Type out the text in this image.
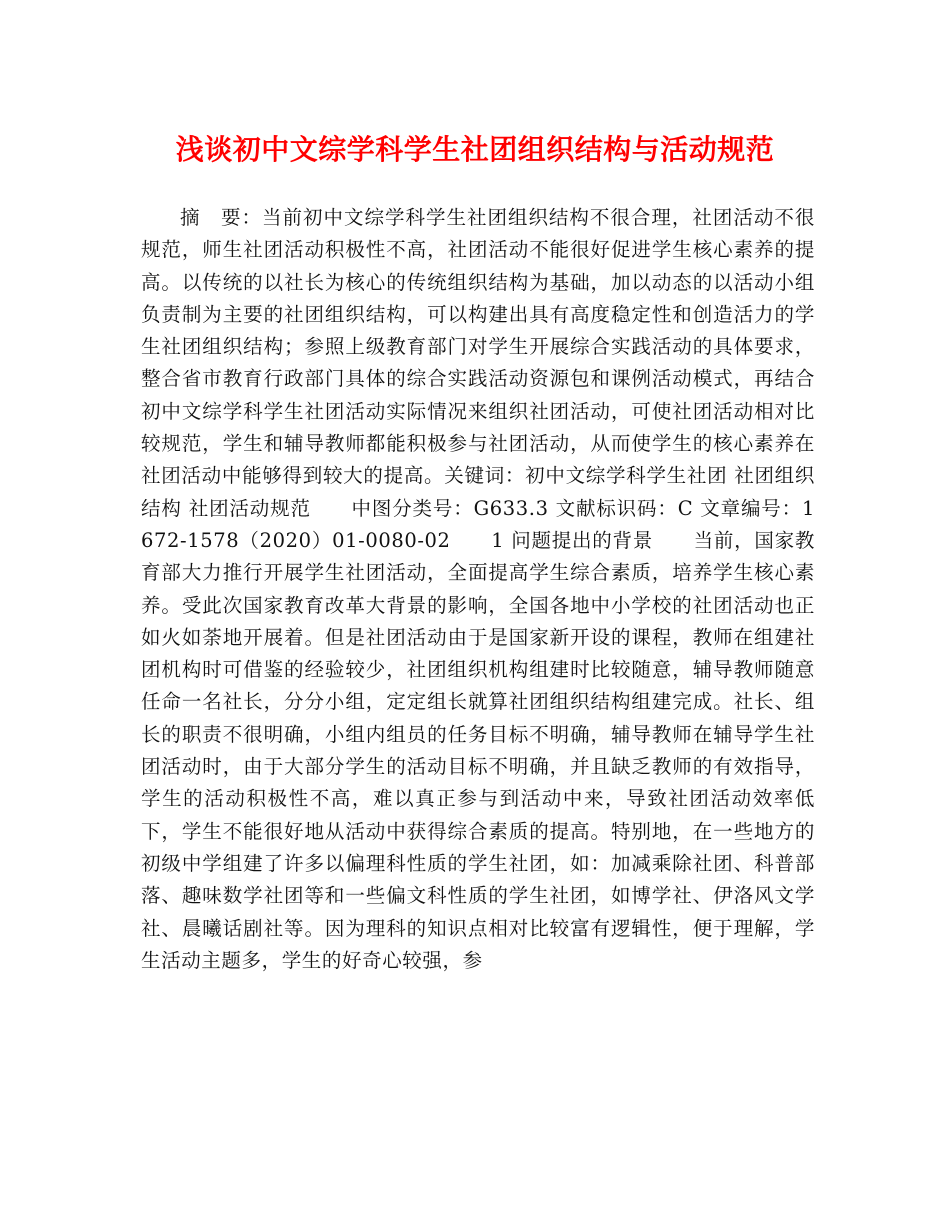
浅谈初中文综学科学生社团组织结构与活动规范

摘　要：当前初中文综学科学生社团组织结构不很合理，社团活动不很规范，师生社团活动积极性不高，社团活动不能很好促进学生核心素养的提高。以传统的以社长为核心的传统组织结构为基础，加以动态的以活动小组负责制为主要的社团组织结构，可以构建出具有高度稳定性和创造活力的学生社团组织结构；参照上级教育部门对学生开展综合实践活动的具体要求，整合省市教育行政部门具体的综合实践活动资源包和课例活动模式，再结合初中文综学科学生社团活动实际情况来组织社团活动，可使社团活动相对比较规范，学生和辅导教师都能积极参与社团活动，从而使学生的核心素养在社团活动中能够得到较大的提高。关键词：初中文综学科学生社团 社团组织结构 社团活动规范　　中图分类号：G633.3 文献标识码：C 文章编号：1672-1578（2020）01-0080-02　　1 问题提出的背景　　当前，国家教育部大力推行开展学生社团活动，全面提高学生综合素质，培养学生核心素养。受此次国家教育改革大背景的影响，全国各地中小学校的社团活动也正如火如荼地开展着。但是社团活动由于是国家新开设的课程，教师在组建社团机构时可借鉴的经验较少，社团组织机构组建时比较随意，辅导教师随意任命一名社长，分分小组，定定组长就算社团组织结构组建完成。社长、组长的职责不很明确，小组内组员的任务目标不明确，辅导教师在辅导学生社团活动时，由于大部分学生的活动目标不明确，并且缺乏教师的有效指导，学生的活动积极性不高，难以真正参与到活动中来，导致社团活动效率低下，学生不能很好地从活动中获得综合素质的提高。特别地，在一些地方的初级中学组建了许多以偏理科性质的学生社团，如：加减乘除社团、科普部落、趣味数学社团等和一些偏文科性质的学生社团，如博学社、伊洛风文学社、晨曦话剧社等。因为理科的知识点相对比较富有逻辑性，便于理解，学生活动主题多，学生的好奇心较强，参
